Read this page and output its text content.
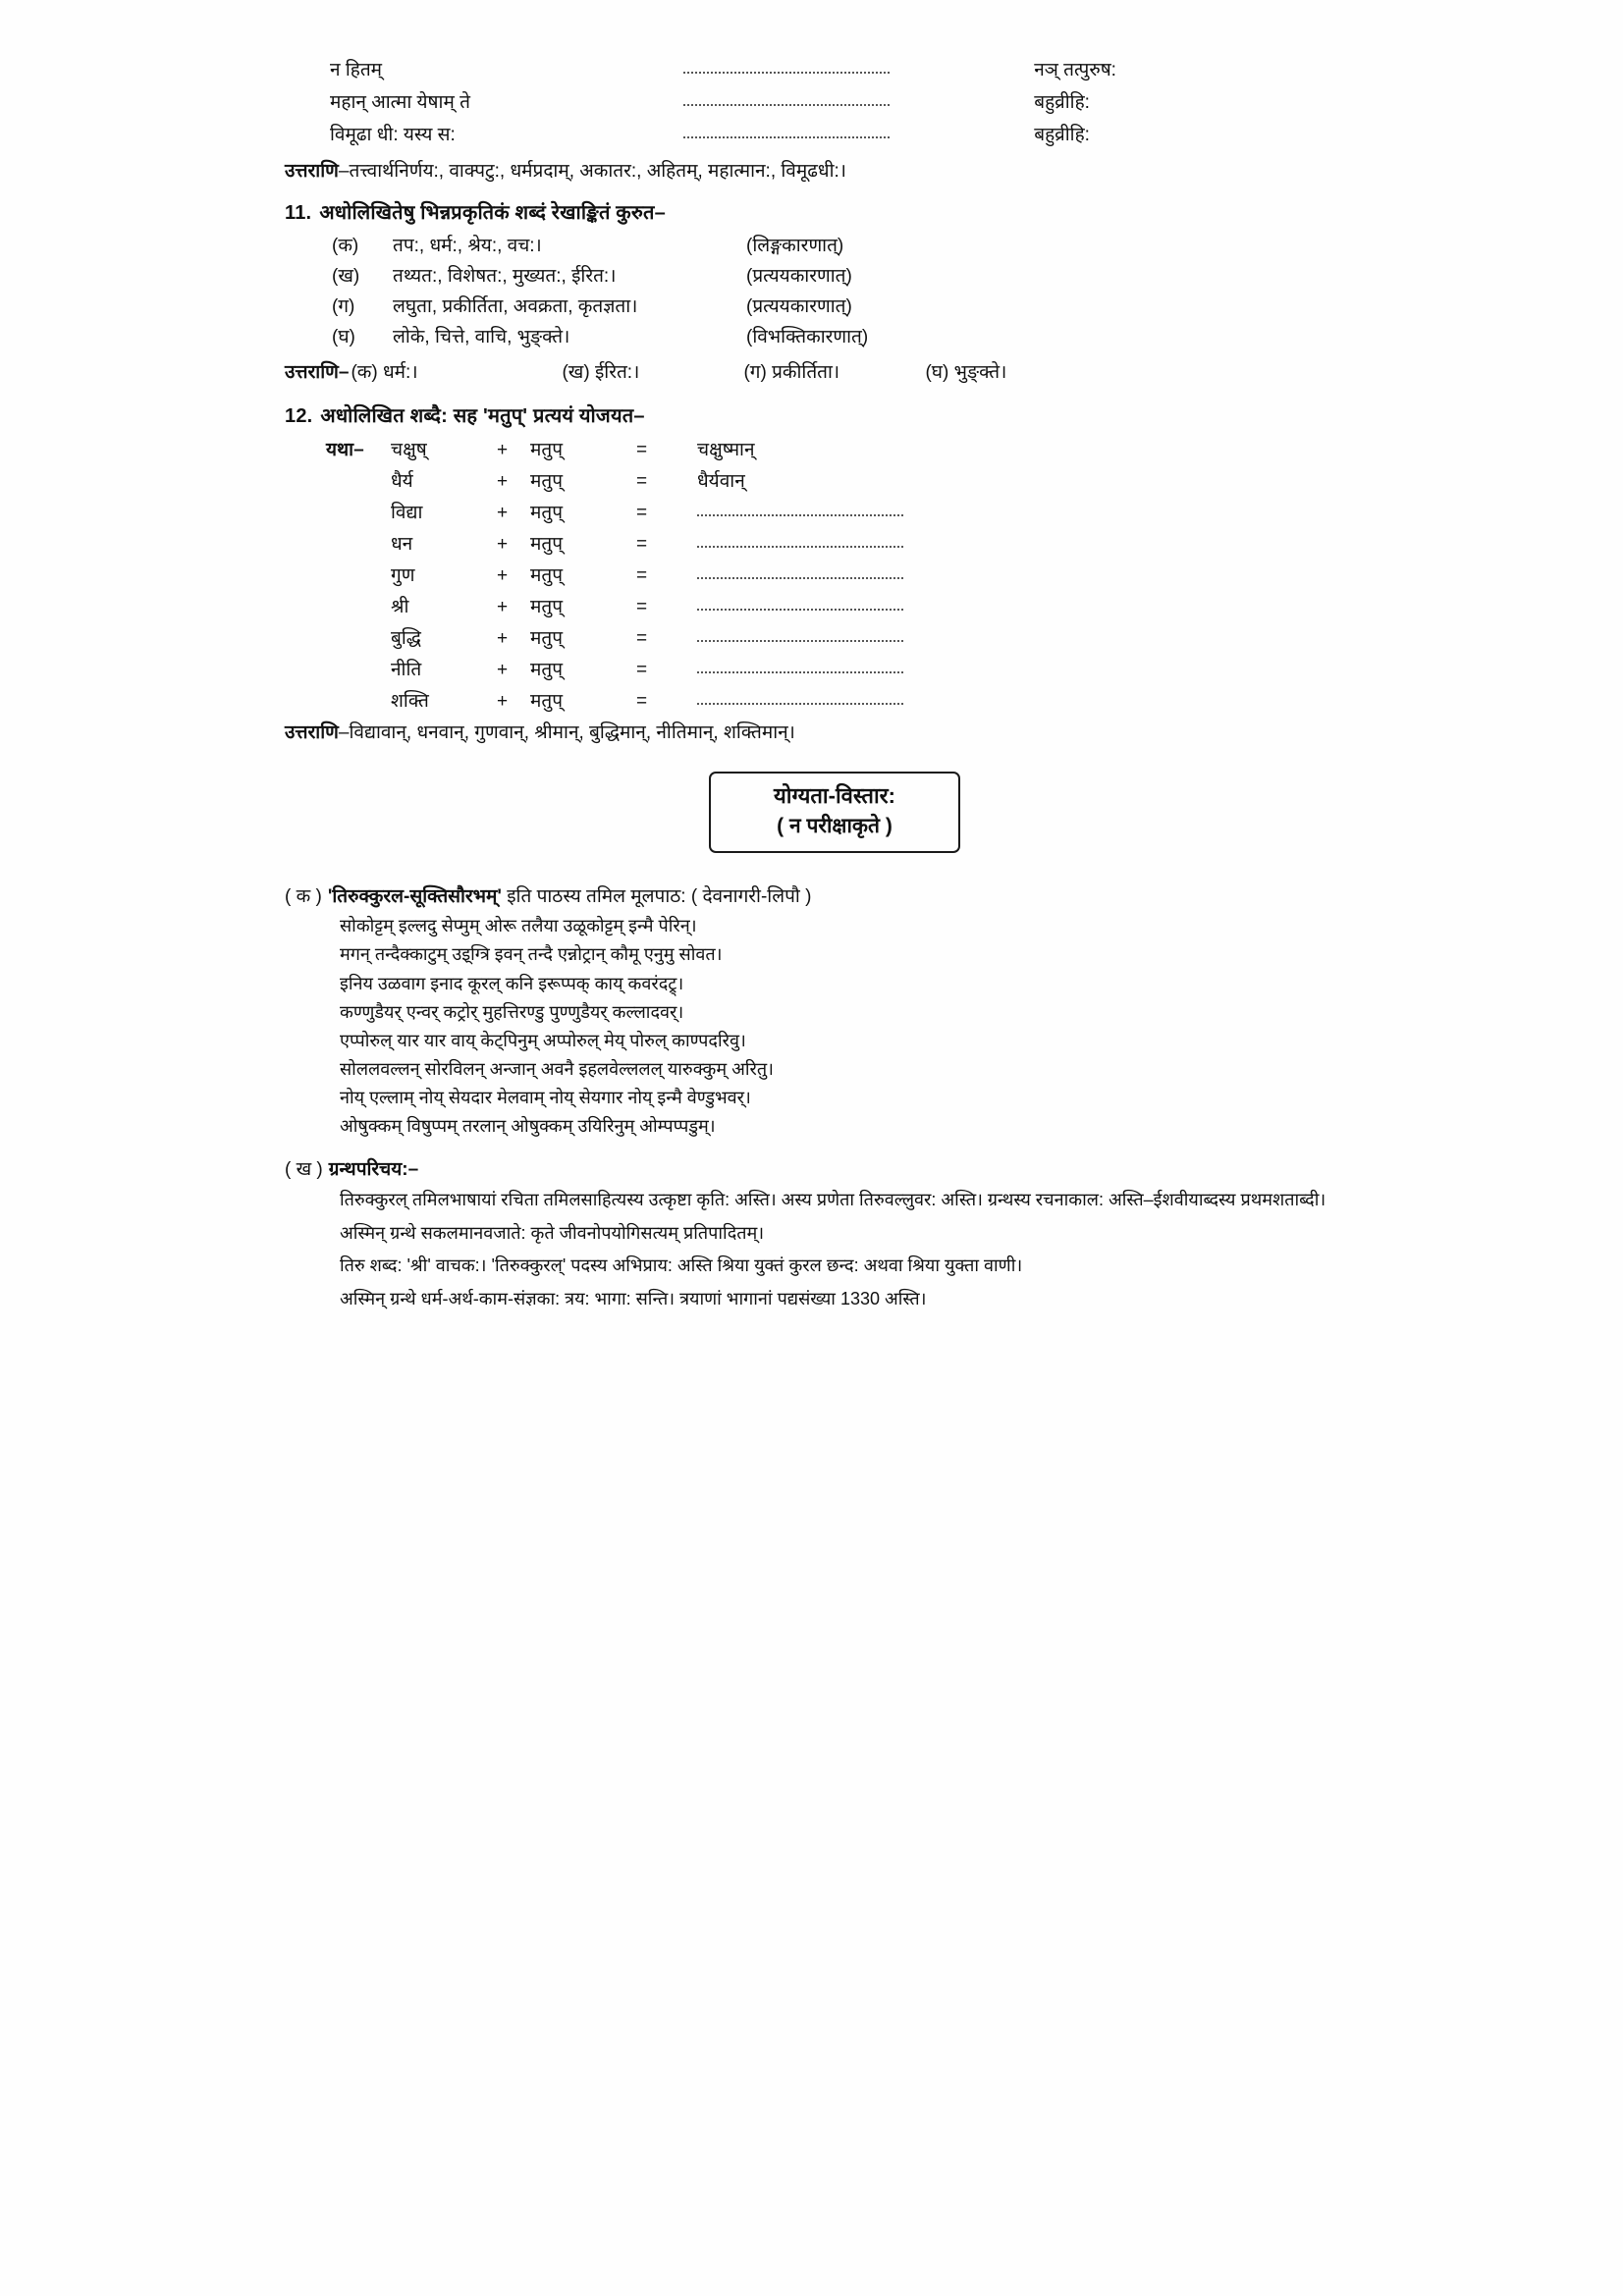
न हितम्		नञ् तत्पुरुष:
महान् आत्मा येषाम् ते		बहुव्रीहि:
विमूढा धी: यस्य स:		बहुव्रीहि:
उत्तराणि–तत्त्वार्थनिर्णय:, वाक्पटु:, धर्मप्रदाम्, अकातर:, अहितम्, महात्मान:, विमूढधी:।
11. अधोलिखितेषु भिन्नप्रकृतिकं शब्दं रेखाङ्कितं कुरुत–
(क)	तप:, धर्म:, श्रेय:, वच:।	(लिङ्गकारणात्)
(ख)	तथ्यत:, विशेषत:, मुख्यत:, ईरित:।	(प्रत्ययकारणात्)
(ग)	लघुता, प्रकीर्तिता, अवक्रता, कृतज्ञता।	(प्रत्ययकारणात्)
(घ)	लोके, चित्ते, वाचि, भुङ्क्ते।	(विभक्तिकारणात्)
उत्तराणि– (क) धर्म:।	(ख) ईरित:।	(ग) प्रकीर्तिता।	(घ) भुङ्क्ते।
12. अधोलिखित शब्दै: सह 'मतुप्' प्रत्ययं योजयत–
यथा–	चक्षुष्	+	मतुप्	=	चक्षुष्मान्
धैर्य	+	मतुप्	=	धैर्यवान्
विद्या	+	मतुप्	=
धन	+	मतुप्	=
गुण	+	मतुप्	=
श्री	+	मतुप्	=
बुद्धि	+	मतुप्	=
नीति	+	मतुप्	=
शक्ति	+	मतुप्	=
उत्तराणि–विद्यावान्, धनवान्, गुणवान्, श्रीमान्, बुद्धिमान्, नीतिमान्, शक्तिमान्।
योग्यता-विस्तार:
( न परीक्षाकृते )
( क ) 'तिरुक्कुरल-सूक्तिसौरभम्' इति पाठस्य तमिल मूलपाठ: ( देवनागरी-लिपौ )
सोकोट्टम् इल्लदु सेप्मुम् ओरू तलैया उळूकोट्टम् इन्मै पेरिन्।
मगन् तन्दैक्काटुम् उइ्ग्त्रि इवन् तन्दै एन्नोट्रान् कौमू एनुमु सोवत।
इनिय उळवाग इनाद कूरल् कनि इरूप्पक् काय् कवरंदट्र्।
कण्णुडैयर् एन्वर् कट्रोर् मुहत्तिरण्डु पुण्णुडैयर् कल्लादवर्।
एप्पोरुल् यार यार वाय् केट्पिनुम् अप्पोरुल् मेय् पोरुल् काण्पदरिवु।
सोललवल्लन् सोरविलन् अन्जान् अवनै इहलवेल्ललल् यारुक्कुम् अरितु।
नोय् एल्लाम् नोय् सेयदार मेलवाम् नोय् सेयगार नोय् इन्मै वेण्डुभवर्।
ओषुक्कम् विषुप्पम् तरलान् ओषुक्कम् उयिरिनुम् ओम्पप्पडुम्।
( ख ) ग्रन्थपरिचय:–
तिरुक्कुरल् तमिलभाषायां रचिता तमिलसाहित्यस्य उत्कृष्टा कृति: अस्ति। अस्य प्रणेता तिरुवल्लुवर: अस्ति। ग्रन्थस्य रचनाकाल: अस्ति–ईशवीयाब्दस्य प्रथमशताब्दी।
अस्मिन् ग्रन्थे सकलमानवजाते: कृते जीवनोपयोगिसत्यम् प्रतिपादितम्।
तिरु शब्द: 'श्री' वाचक:। 'तिरुक्कुरल्' पदस्य अभिप्राय: अस्ति श्रिया युक्तं कुरल छन्द: अथवा श्रिया युक्ता वाणी।
अस्मिन् ग्रन्थे धर्म-अर्थ-काम-संज्ञका: त्रय: भागा: सन्ति। त्रयाणां भागानां पद्यसंख्या 1330 अस्ति।
